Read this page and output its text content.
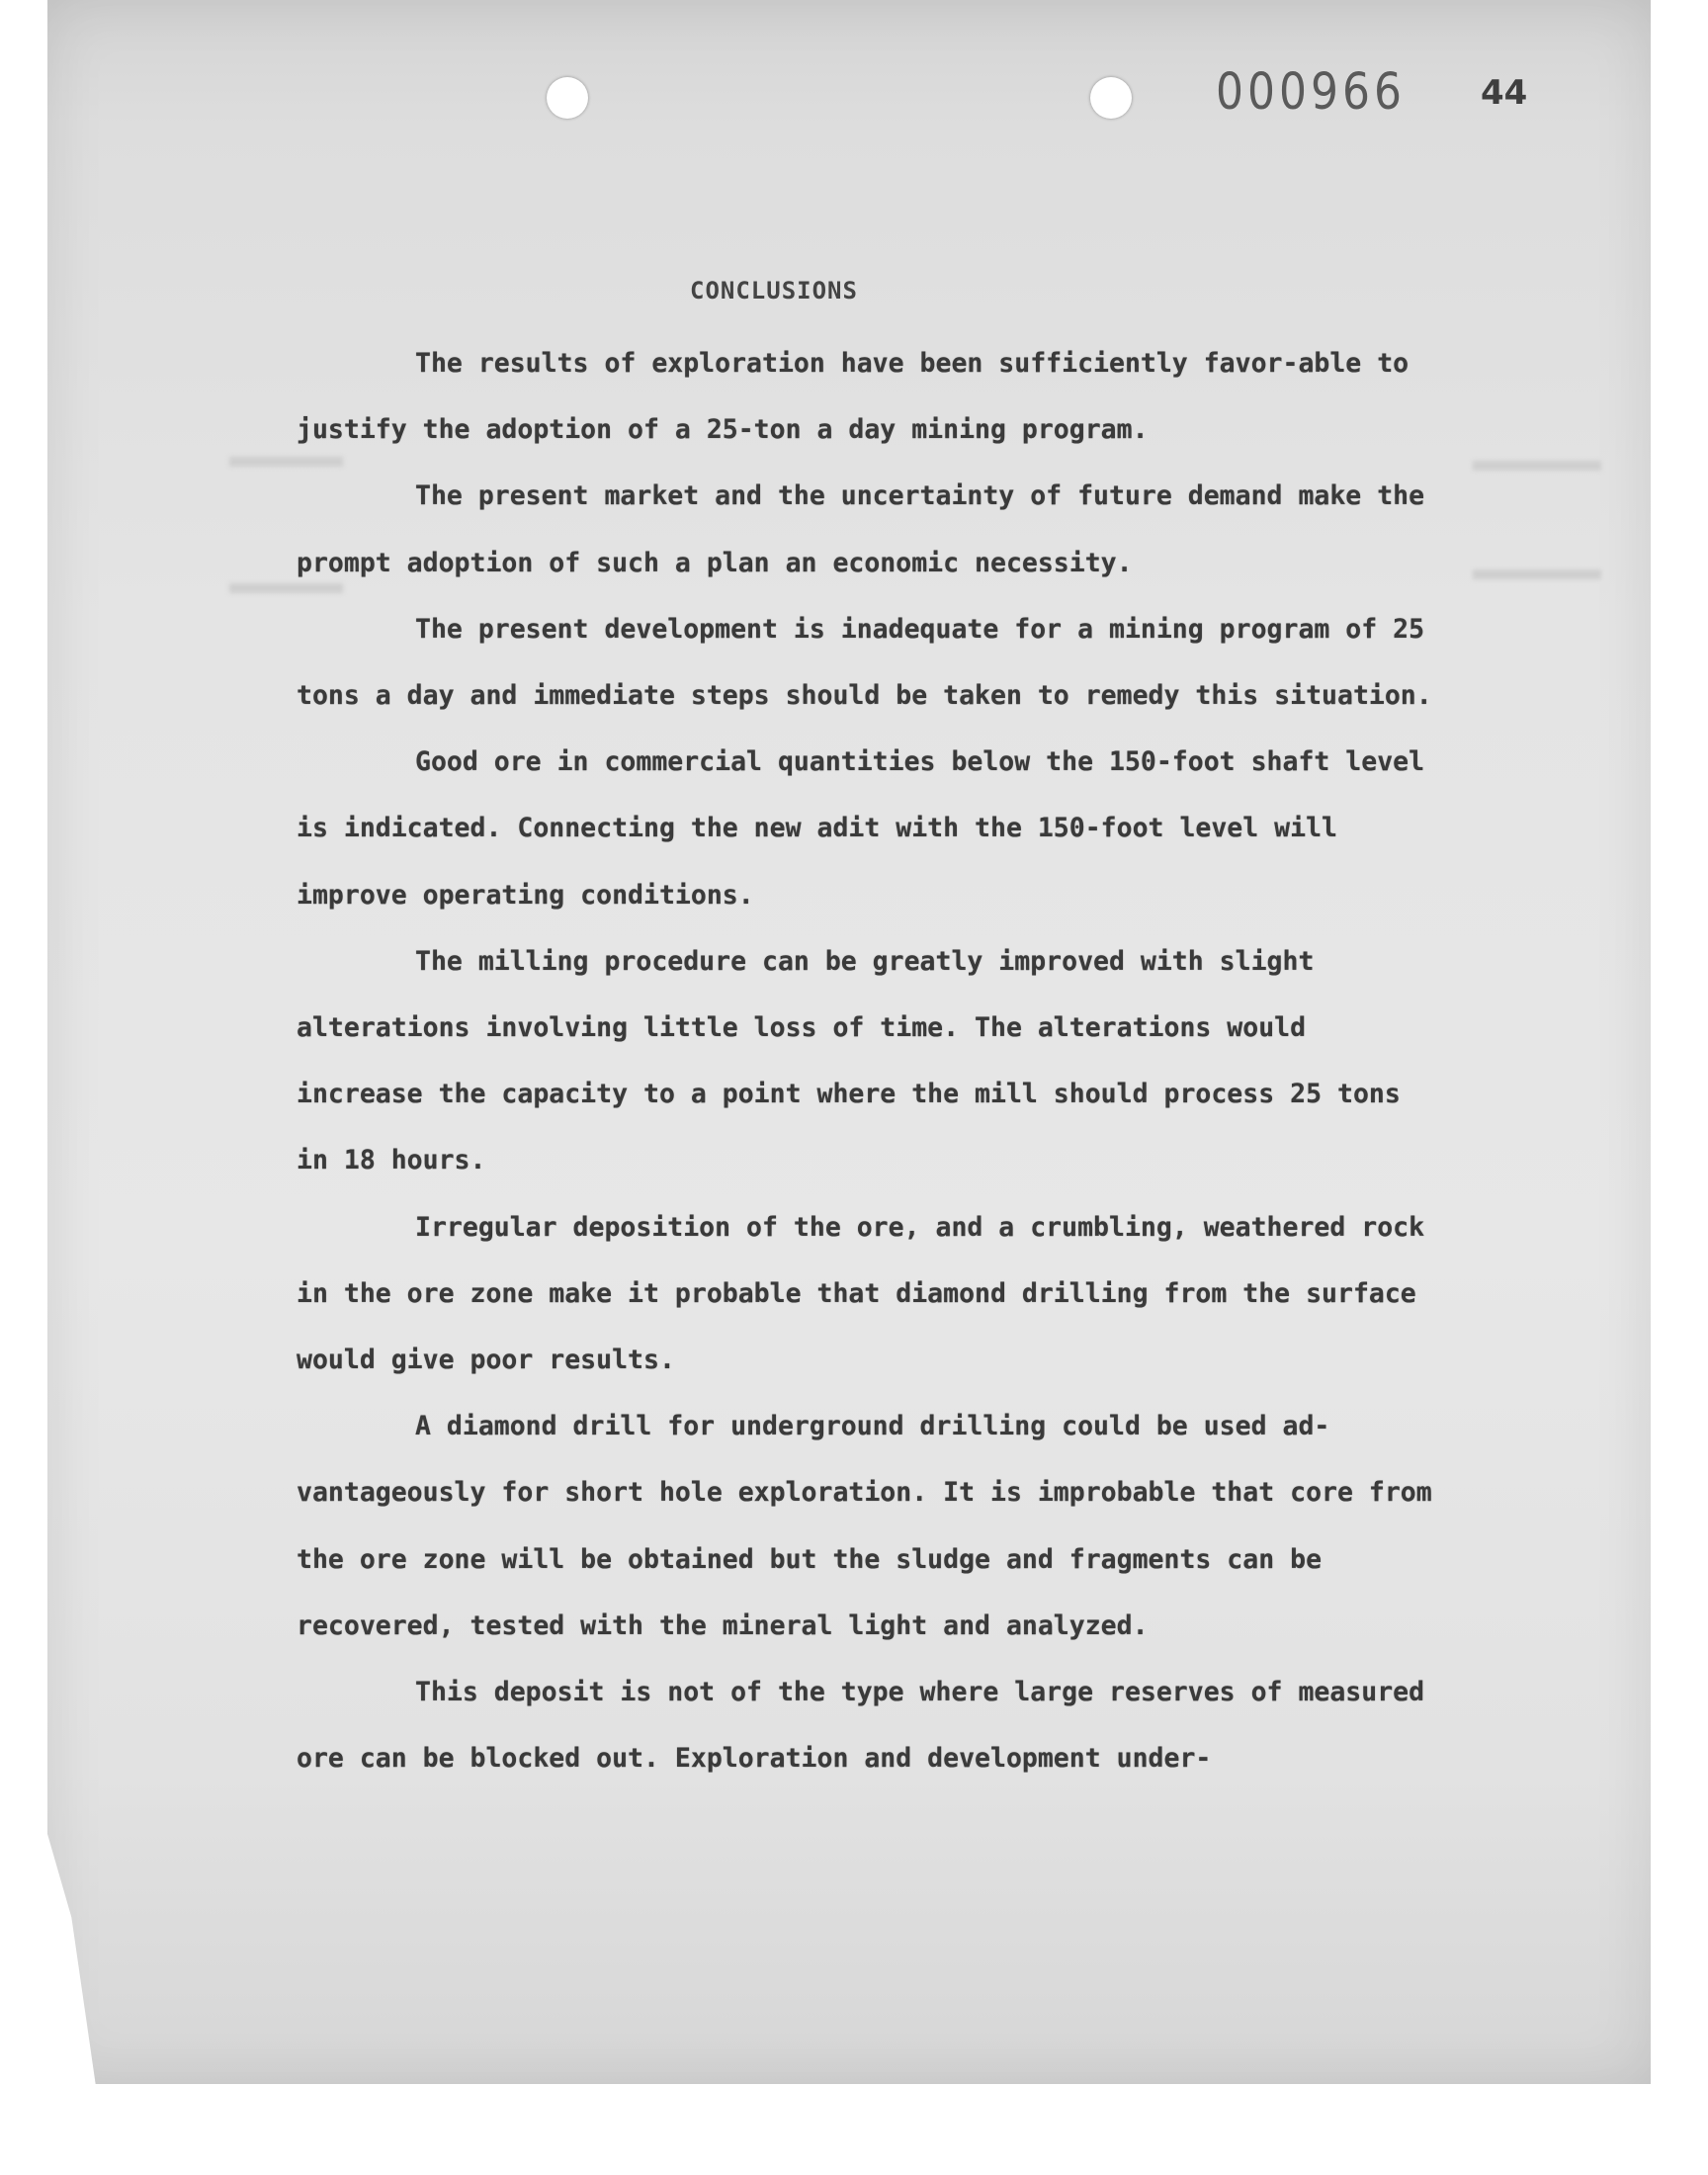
000966 44
CONCLUSIONS

The results of exploration have been sufficiently favor-able to justify the adoption of a 25-ton a day mining program.

The present market and the uncertainty of future demand make the prompt adoption of such a plan an economic necessity.

The present development is inadequate for a mining program of 25 tons a day and immediate steps should be taken to remedy this situation.

Good ore in commercial quantities below the 150-foot shaft level is indicated. Connecting the new adit with the 150-foot level will improve operating conditions.

The milling procedure can be greatly improved with slight alterations involving little loss of time. The alterations would increase the capacity to a point where the mill should process 25 tons in 18 hours.

Irregular deposition of the ore, and a crumbling, weathered rock in the ore zone make it probable that diamond drilling from the surface would give poor results.

A diamond drill for underground drilling could be used ad-vantageously for short hole exploration. It is improbable that core from the ore zone will be obtained but the sludge and fragments can be recovered, tested with the mineral light and analyzed.

This deposit is not of the type where large reserves of measured ore can be blocked out. Exploration and development under-
